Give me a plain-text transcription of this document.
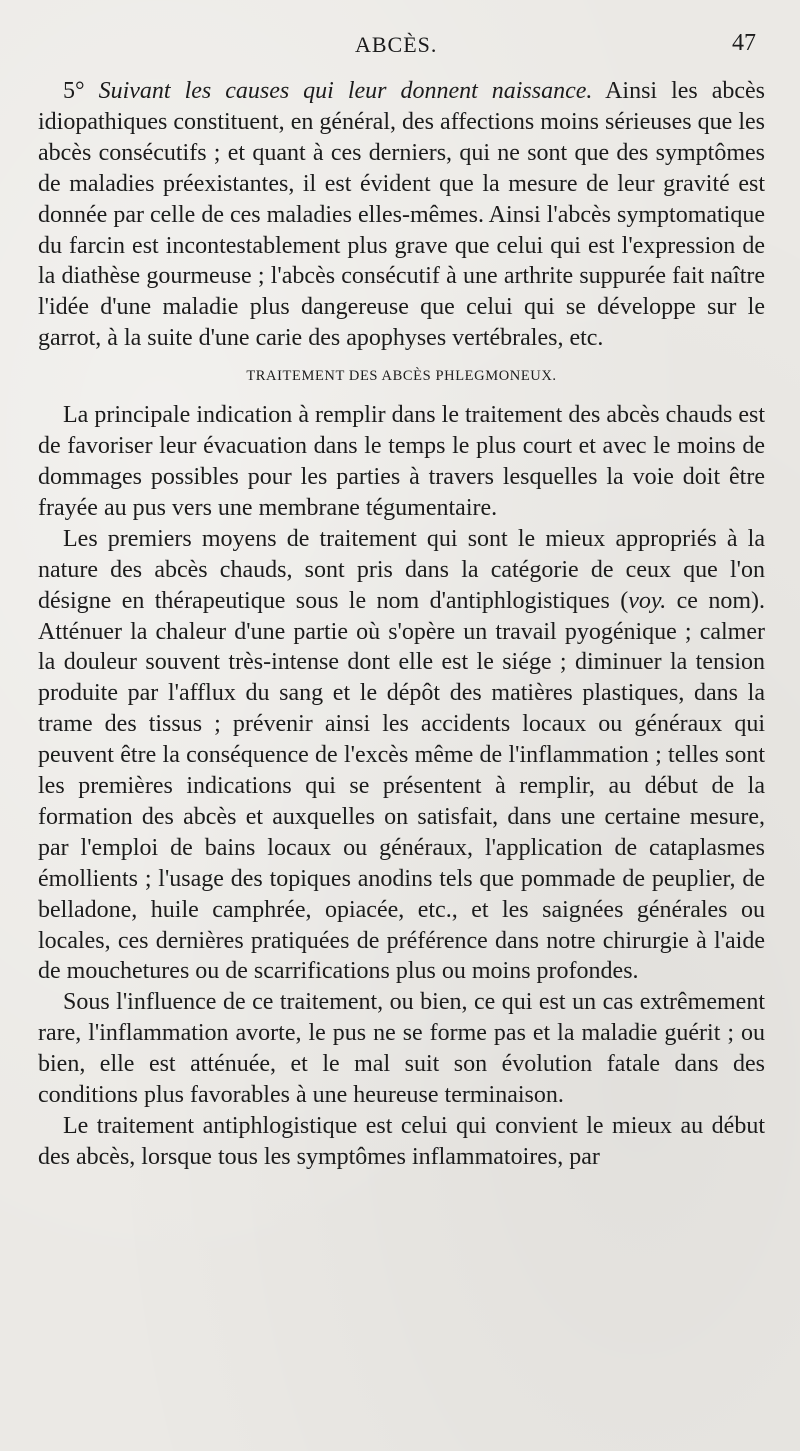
ABCÈS.	47

5° Suivant les causes qui leur donnent naissance. Ainsi les abcès idiopathiques constituent, en général, des affections moins sérieuses que les abcès consécutifs ; et quant à ces derniers, qui ne sont que des symptômes de maladies préexistantes, il est évident que la mesure de leur gravité est donnée par celle de ces maladies elles-mêmes. Ainsi l'abcès symptomatique du farcin est incontestablement plus grave que celui qui est l'expression de la diathèse gourmeuse ; l'abcès consécutif à une arthrite suppurée fait naître l'idée d'une maladie plus dangereuse que celui qui se développe sur le garrot, à la suite d'une carie des apophyses vertébrales, etc.

TRAITEMENT DES ABCÈS PHLEGMONEUX.

La principale indication à remplir dans le traitement des abcès chauds est de favoriser leur évacuation dans le temps le plus court et avec le moins de dommages possibles pour les parties à travers lesquelles la voie doit être frayée au pus vers une membrane tégumentaire.

Les premiers moyens de traitement qui sont le mieux appropriés à la nature des abcès chauds, sont pris dans la catégorie de ceux que l'on désigne en thérapeutique sous le nom d'antiphlogistiques (voy. ce nom). Atténuer la chaleur d'une partie où s'opère un travail pyogénique ; calmer la douleur souvent très-intense dont elle est le siége ; diminuer la tension produite par l'afflux du sang et le dépôt des matières plastiques, dans la trame des tissus ; prévenir ainsi les accidents locaux ou généraux qui peuvent être la conséquence de l'excès même de l'inflammation ; telles sont les premières indications qui se présentent à remplir, au début de la formation des abcès et auxquelles on satisfait, dans une certaine mesure, par l'emploi de bains locaux ou généraux, l'application de cataplasmes émollients ; l'usage des topiques anodins tels que pommade de peuplier, de belladone, huile camphrée, opiacée, etc., et les saignées générales ou locales, ces dernières pratiquées de préférence dans notre chirurgie à l'aide de mouchetures ou de scarrifications plus ou moins profondes.

Sous l'influence de ce traitement, ou bien, ce qui est un cas extrêmement rare, l'inflammation avorte, le pus ne se forme pas et la maladie guérit ; ou bien, elle est atténuée, et le mal suit son évolution fatale dans des conditions plus favorables à une heureuse terminaison.

Le traitement antiphlogistique est celui qui convient le mieux au début des abcès, lorsque tous les symptômes inflammatoires, par
